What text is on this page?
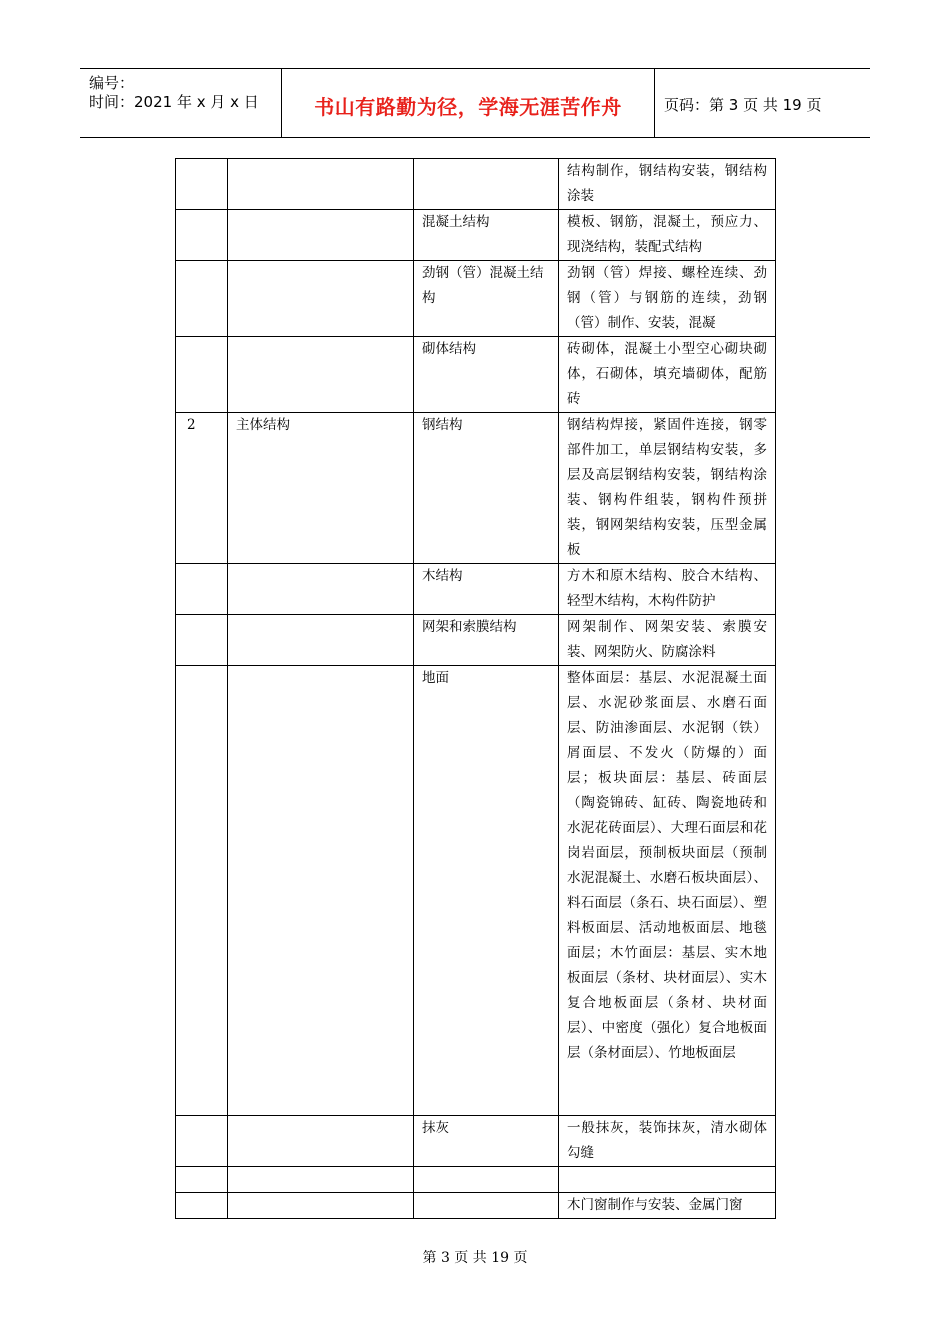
编号：
时间：2021 年 x 月 x 日	书山有路勤为径，学海无涯苦作舟	页码：第 3 页 共 19 页
			结构制作，钢结构安装，钢结构涂装
		混凝土结构	模板、钢筋，混凝土，预应力、现浇结构，装配式结构
		劲钢（管）混凝土结构	劲钢（管）焊接、螺栓连续、劲钢（管）与钢筋的连续，劲钢（管）制作、安装，混凝
		砌体结构	砖砌体，混凝土小型空心砌块砌体，石砌体，填充墙砌体，配筋砖
2	主体结构	钢结构	钢结构焊接，紧固件连接，钢零部件加工，单层钢结构安装，多层及高层钢结构安装，钢结构涂装、钢构件组装，钢构件预拼装，钢网架结构安装，压型金属板
		木结构	方木和原木结构、胶合木结构、轻型木结构，木构件防护
		网架和索膜结构	网架制作、网架安装、索膜安装、网架防火、防腐涂料
		地面	整体面层：基层、水泥混凝土面层、水泥砂浆面层、水磨石面层、防油渗面层、水泥钢（铁）屑面层、不发火（防爆的）面层；板块面层：基层、砖面层（陶瓷锦砖、缸砖、陶瓷地砖和水泥花砖面层）、大理石面层和花岗岩面层，预制板块面层（预制水泥混凝土、水磨石板块面层）、料石面层（条石、块石面层）、塑料板面层、活动地板面层、地毯面层；木竹面层：基层、实木地板面层（条材、块材面层）、实木复合地板面层（条材、块材面层）、中密度（强化）复合地板面层（条材面层）、竹地板面层
		抹灰	一般抹灰，装饰抹灰，清水砌体勾缝

			木门窗制作与安装、金属门窗
第 3 页 共 19 页
